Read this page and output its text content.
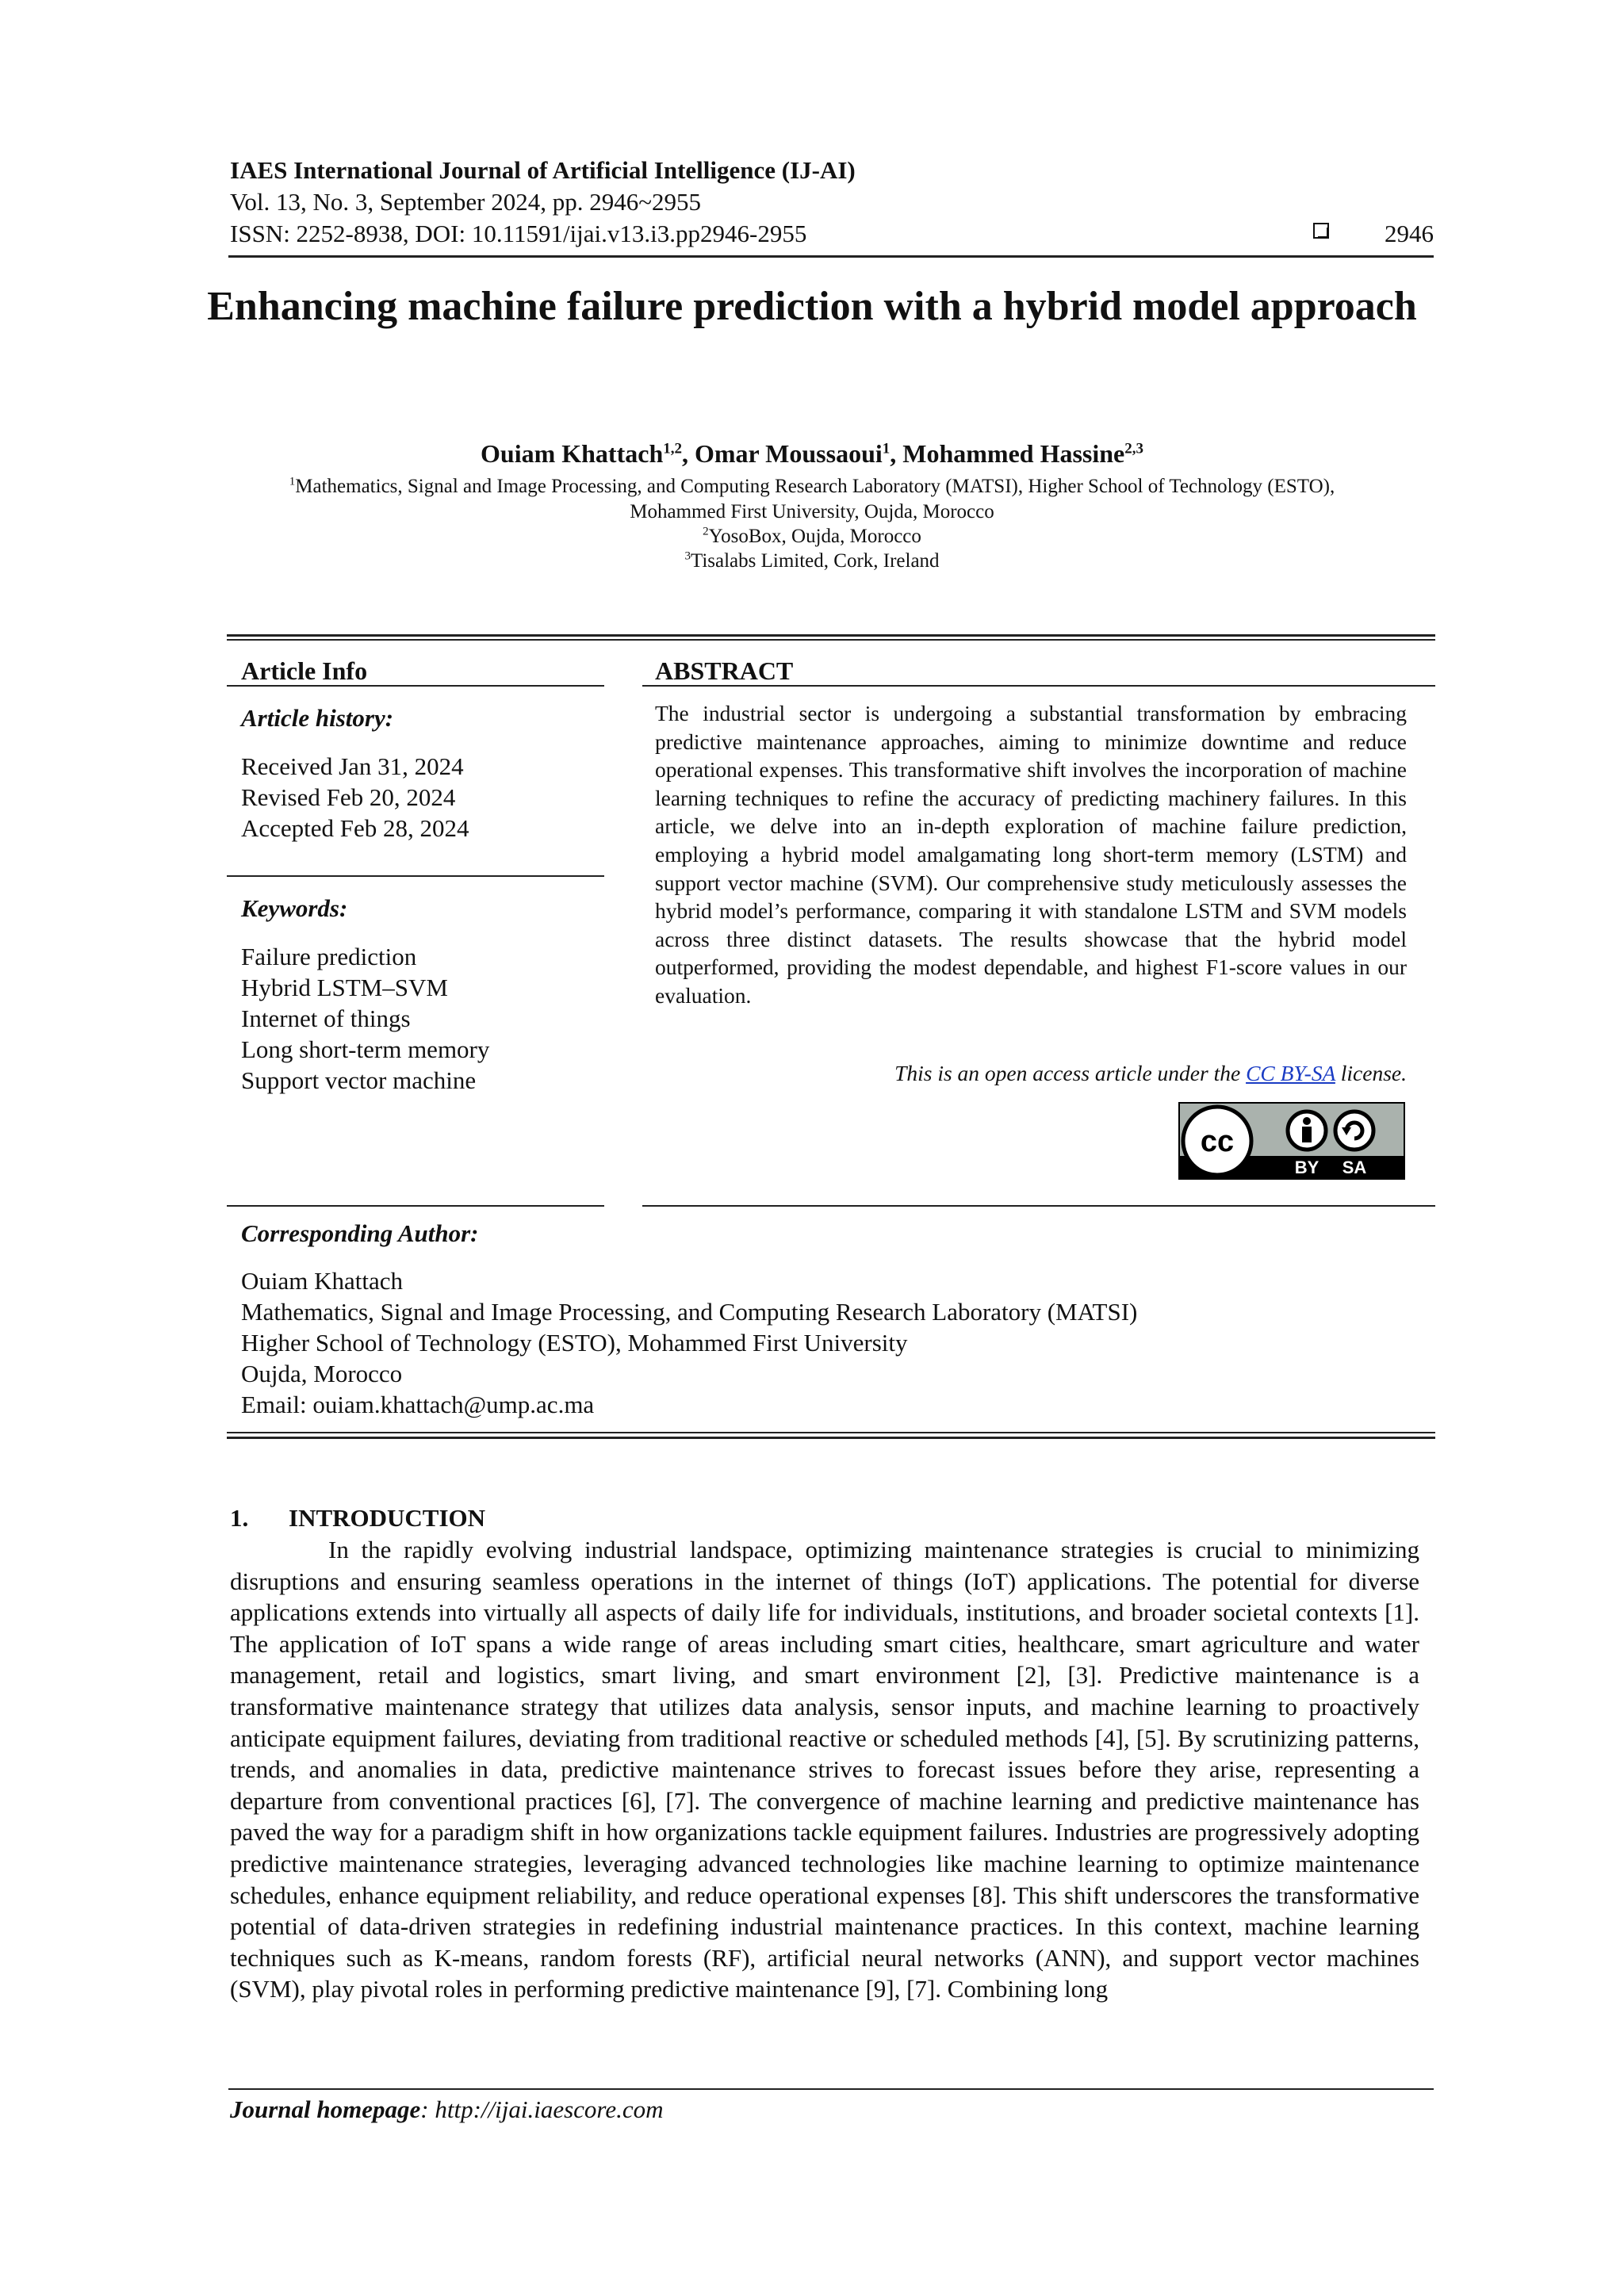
IAES International Journal of Artificial Intelligence (IJ-AI)
Vol. 13, No. 3, September 2024, pp. 2946~2955
ISSN: 2252-8938, DOI: 10.11591/ijai.v13.i3.pp2946-2955	2946
Enhancing machine failure prediction with a hybrid model approach
Ouiam Khattach$^{1,2}$, Omar Moussaoui$^1$, Mohammed Hassine$^{2,3}$
$^1$Mathematics, Signal and Image Processing, and Computing Research Laboratory (MATSI), Higher School of Technology (ESTO),
Mohammed First University, Oujda, Morocco
$^2$YosoBox, Oujda, Morocco
$^3$Tisalabs Limited, Cork, Ireland
Article Info
Article history:
Received Jan 31, 2024
Revised Feb 20, 2024
Accepted Feb 28, 2024
Keywords:
Failure prediction
Hybrid LSTM–SVM
Internet of things
Long short-term memory
Support vector machine
ABSTRACT
The industrial sector is undergoing a substantial transformation by embracing predictive maintenance approaches, aiming to minimize downtime and reduce operational expenses. This transformative shift involves the incorporation of machine learning techniques to refine the accuracy of predicting machinery failures. In this article, we delve into an in-depth exploration of machine failure prediction, employing a hybrid model amalgamating long short-term memory (LSTM) and support vector machine (SVM). Our comprehensive study meticulously assesses the hybrid model’s performance, comparing it with standalone LSTM and SVM models across three distinct datasets. The results showcase that the hybrid model outperformed, providing the modest dependable, and highest F1-score values in our evaluation.
This is an open access article under the CC BY-SA license.
cc
BY SA
Corresponding Author:
Ouiam Khattach
Mathematics, Signal and Image Processing, and Computing Research Laboratory (MATSI)
Higher School of Technology (ESTO), Mohammed First University
Oujda, Morocco
Email: ouiam.khattach@ump.ac.ma
1. INTRODUCTION

In the rapidly evolving industrial landspace, optimizing maintenance strategies is crucial to minimizing disruptions and ensuring seamless operations in the internet of things (IoT) applications. The potential for diverse applications extends into virtually all aspects of daily life for individuals, institutions, and broader societal contexts [1]. The application of IoT spans a wide range of areas including smart cities, healthcare, smart agriculture and water management, retail and logistics, smart living, and smart environment [2], [3]. Predictive maintenance is a transformative maintenance strategy that utilizes data analysis, sensor inputs, and machine learning to proactively anticipate equipment failures, deviating from traditional reactive or scheduled methods [4], [5]. By scrutinizing patterns, trends, and anomalies in data, predictive maintenance strives to forecast issues before they arise, representing a departure from conventional practices [6], [7]. The convergence of machine learning and predictive maintenance has paved the way for a paradigm shift in how organizations tackle equipment failures. Industries are progressively adopting predictive maintenance strategies, leveraging advanced technologies like machine learning to optimize maintenance schedules, enhance equipment reliability, and reduce operational expenses [8]. This shift underscores the transformative potential of data-driven strategies in redefining industrial maintenance practices. In this context, machine learning techniques such as K-means, random forests (RF), artificial neural networks (ANN), and support vector machines (SVM), play pivotal roles in performing predictive maintenance [9], [7]. Combining long

Journal homepage: http://ijai.iaescore.com
